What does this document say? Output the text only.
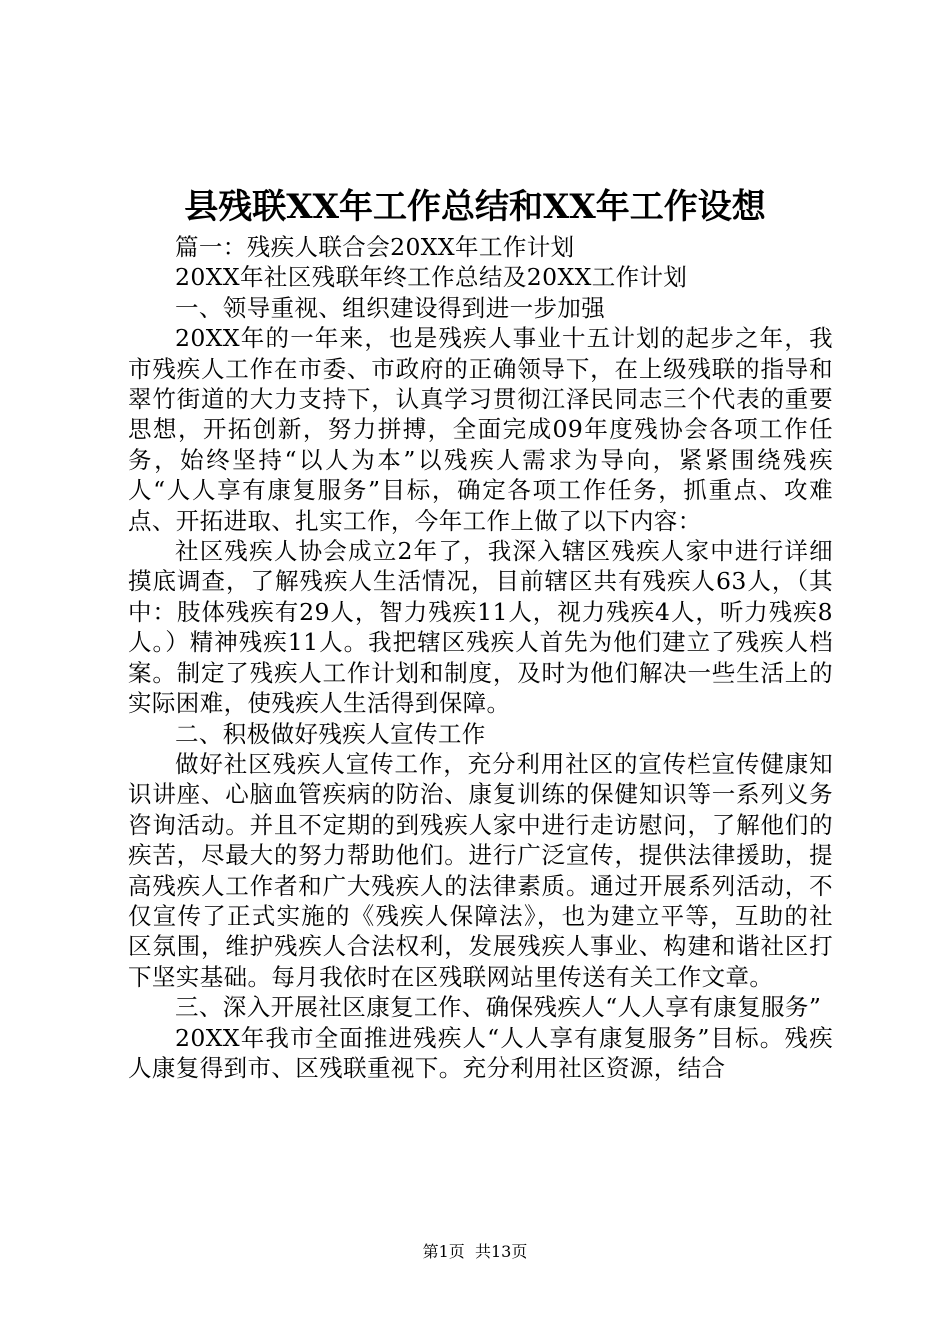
县残联XX年工作总结和XX年工作设想

篇一：残疾人联合会20XX年工作计划

20XX年社区残联年终工作总结及20XX工作计划

一、领导重视、组织建设得到进一步加强

20XX年的一年来，也是残疾人事业十五计划的起步之年，我市残疾人工作在市委、市政府的正确领导下，在上级残联的指导和翠竹街道的大力支持下，认真学习贯彻江泽民同志三个代表的重要思想，开拓创新，努力拼搏，全面完成09年度残协会各项工作任务，始终坚持“以人为本”以残疾人需求为导向，紧紧围绕残疾人“人人享有康复服务”目标，确定各项工作任务，抓重点、攻难点、开拓进取、扎实工作，今年工作上做了以下内容：

社区残疾人协会成立2年了，我深入辖区残疾人家中进行详细摸底调查，了解残疾人生活情况，目前辖区共有残疾人63人，（其中：肢体残疾有29人，智力残疾11人，视力残疾4人，听力残疾8人。）精神残疾11人。我把辖区残疾人首先为他们建立了残疾人档案。制定了残疾人工作计划和制度，及时为他们解决一些生活上的实际困难，使残疾人生活得到保障。

二、积极做好残疾人宣传工作

做好社区残疾人宣传工作，充分利用社区的宣传栏宣传健康知识讲座、心脑血管疾病的防治、康复训练的保健知识等一系列义务咨询活动。并且不定期的到残疾人家中进行走访慰问，了解他们的疾苦，尽最大的努力帮助他们。进行广泛宣传，提供法律援助，提高残疾人工作者和广大残疾人的法律素质。通过开展系列活动，不仅宣传了正式实施的《残疾人保障法》，也为建立平等，互助的社区氛围，维护残疾人合法权利，发展残疾人事业、构建和谐社区打下坚实基础。每月我依时在区残联网站里传送有关工作文章。

三、深入开展社区康复工作、确保残疾人“人人享有康复服务”

20XX年我市全面推进残疾人“人人享有康复服务”目标。残疾人康复得到市、区残联重视下。充分利用社区资源，结合

第1页 共13页
